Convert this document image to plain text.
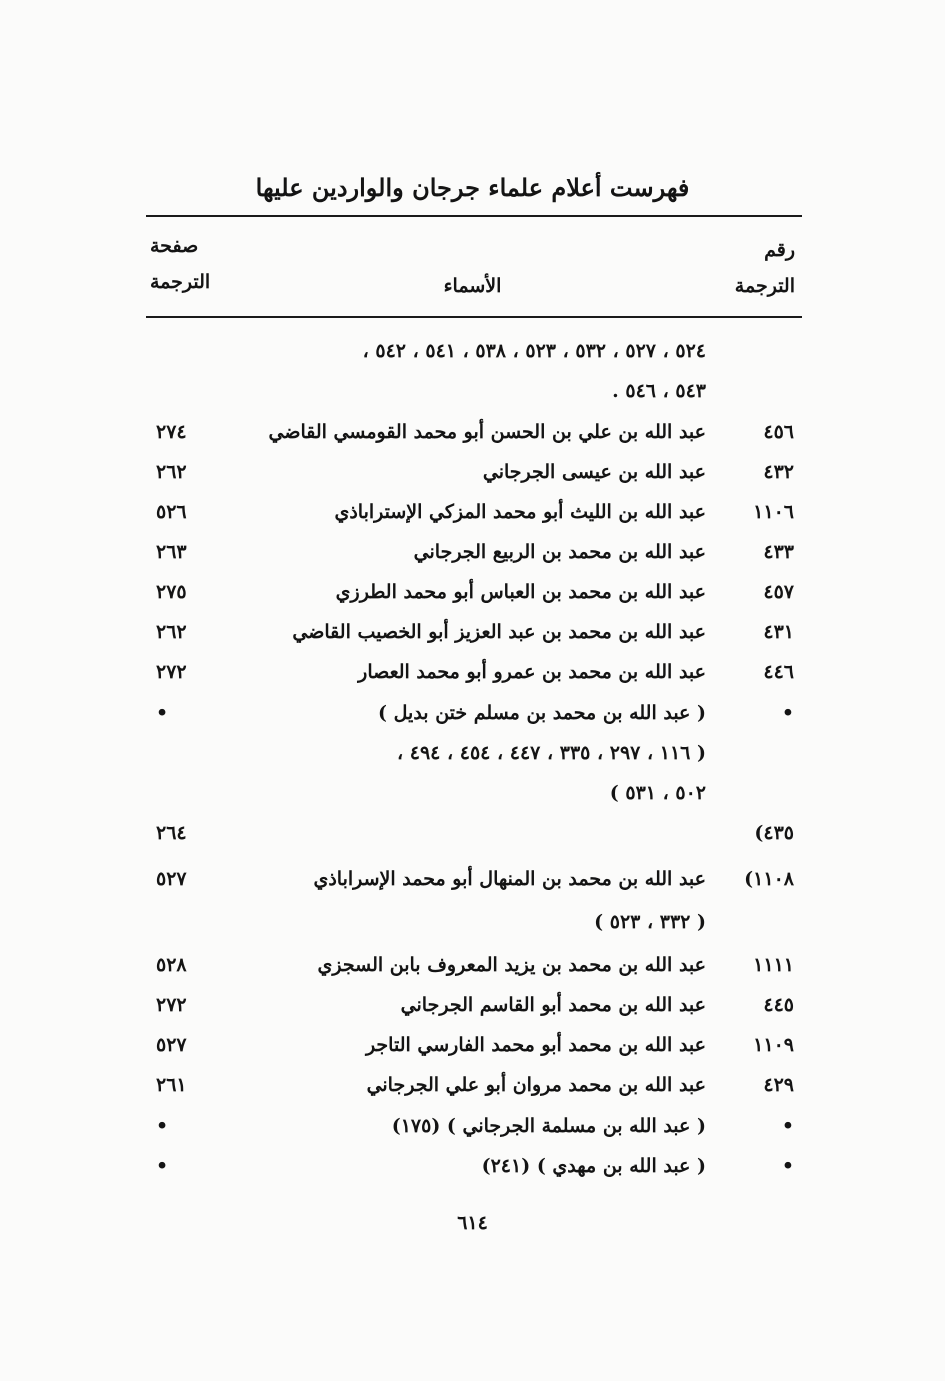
فهرست أعلام علماء جرجان والواردين عليها
رقم
الترجمة
الأسماء
صفحة
الترجمة
٥٢٤ ، ٥٢٧ ، ٥٣٢ ، ٥٢٣ ، ٥٣٨ ، ٥٤١ ، ٥٤٢ ،
٥٤٣ ، ٥٤٦ .
٤٥٦
عبد الله بن علي بن الحسن أبو محمد القومسي القاضي
٢٧٤
٤٣٢
عبد الله بن عيسى الجرجاني
٢٦٢
١١٠٦
عبد الله بن الليث أبو محمد المزكي الإستراباذي
٥٢٦
٤٣٣
عبد الله بن محمد بن الربيع الجرجاني
٢٦٣
٤٥٧
عبد الله بن محمد بن العباس أبو محمد الطرزي
٢٧٥
٤٣١
عبد الله بن محمد بن عبد العزيز أبو الخصيب القاضي
٢٦٢
٤٤٦
عبد الله بن محمد بن عمرو أبو محمد العصار
٢٧٢
•
( عبد الله بن محمد بن مسلم ختن بديل )
•
( ١١٦ ، ٢٩٧ ، ٣٣٥ ، ٤٤٧ ، ٤٥٤ ، ٤٩٤ ،
٥٠٢ ، ٥٣١ )
٤٣٥)
٢٦٤
١١٠٨)
عبد الله بن محمد بن المنهال أبو محمد الإسراباذي
٥٢٧
( ٣٣٢ ، ٥٢٣ )
١١١١
عبد الله بن محمد بن يزيد المعروف بابن السجزي
٥٢٨
٤٤٥
عبد الله بن محمد أبو القاسم الجرجاني
٢٧٢
١١٠٩
عبد الله بن محمد أبو محمد الفارسي التاجر
٥٢٧
٤٢٩
عبد الله بن محمد مروان أبو علي الجرجاني
٢٦١
•
( عبد الله بن مسلمة الجرجاني ) (١٧٥)
•
•
( عبد الله بن مهدي ) (٢٤١)
•
٦١٤
